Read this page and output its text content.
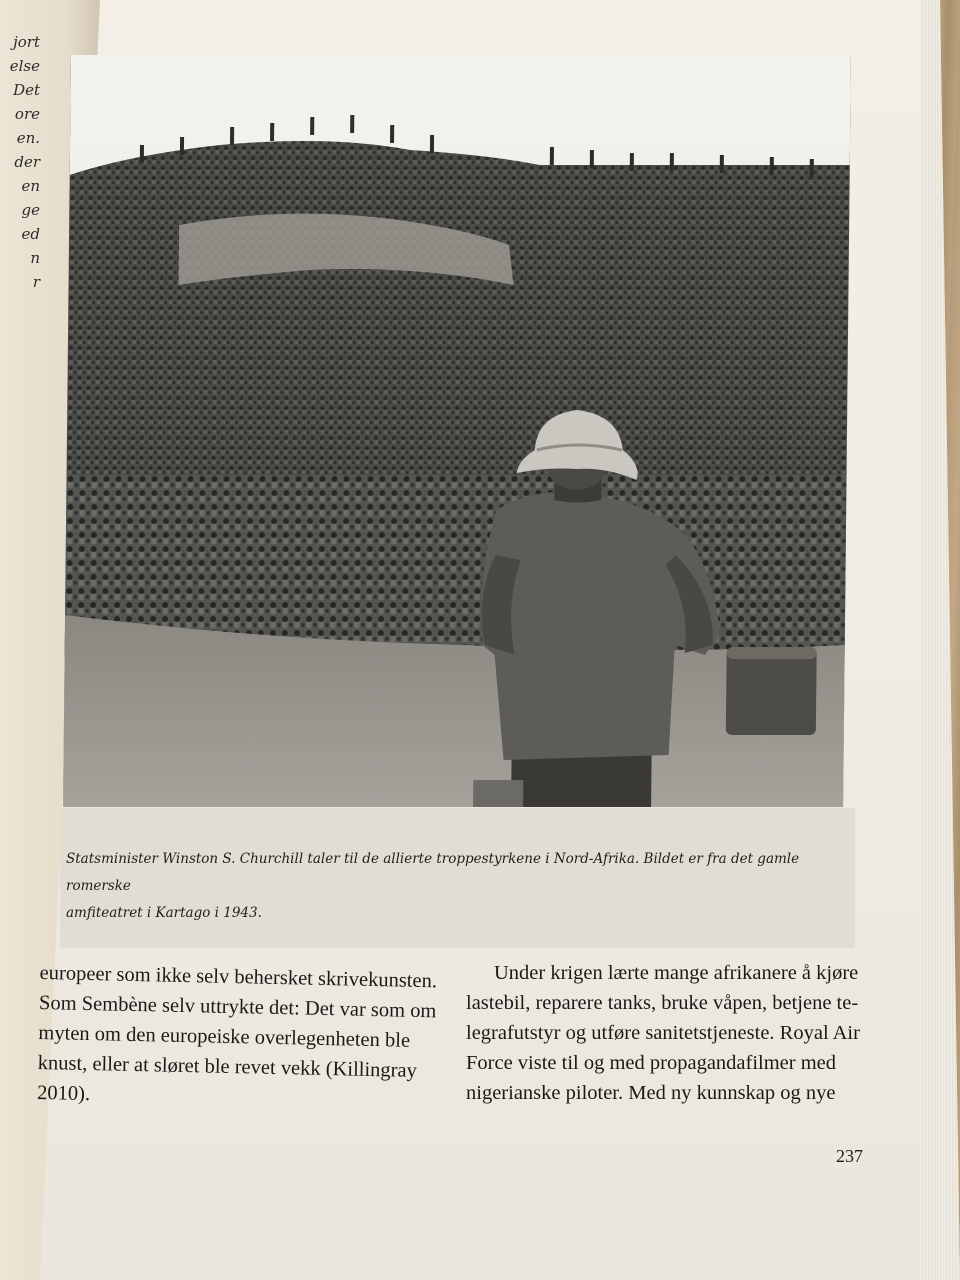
jort
else
Det
ore
en.
der
en
ge
ed
n
r
Statsminister Winston S. Churchill taler til de allierte troppestyrkene i Nord-Afrika. Bildet er fra det gamle romerske
amfiteatret i Kartago i 1943.
europeer som ikke selv behersket skrivekunsten.
Som Sembène selv uttrykte det: Det var som om
myten om den europeiske overlegenheten ble
knust, eller at sløret ble revet vekk (Killingray
2010).
Under krigen lærte mange afrikanere å kjøre
lastebil, reparere tanks, bruke våpen, betjene te-
legrafutstyr og utføre sanitetstjeneste. Royal Air
Force viste til og med propagandafilmer med
nigerianske piloter. Med ny kunnskap og nye
237
